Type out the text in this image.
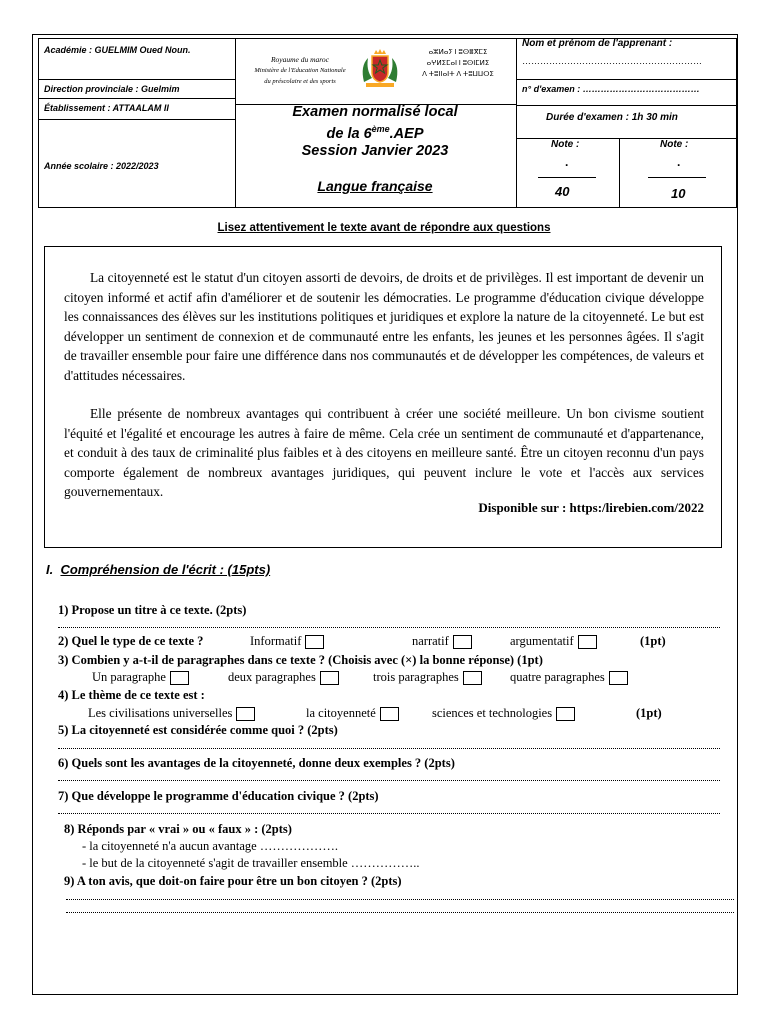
Académie : GUELMIM Oued Noun.
Direction provinciale : Guelmim
Établissement : ATTAALAM II
Année scolaire : 2022/2023
Royaume du maroc
Ministère de l'Education Nationale
du préscolaire et des sports
ⴰⵣⵍⴰⵢ ⵏ ⵓⵙⴻⴳⵎⵉ
ⴰⵖⵍⵉⵎⴰⵏ ⵏ ⵓⵙⵏⵎⵍⵉ
ⴷ ⵜⵓⵏⵏⴰⵏⵜ ⴷ ⵜⵓⵡⵡⵔⵉ
Examen normalisé local
de la 6ème.AEP
Session Janvier 2023
Langue française
Nom et prénom de l'apprenant :
……………………………………………………
n° d'examen : …………………………………
Durée d'examen : 1h 30 min
Note :
.
40
Note :
.
10
Lisez attentivement le texte avant de répondre aux questions
La citoyenneté est le statut d'un citoyen assorti de devoirs, de droits et de privilèges. Il est important de devenir un citoyen informé et actif afin d'améliorer et de soutenir les démocraties. Le programme d'éducation civique développe les connaissances des élèves sur les institutions politiques et juridiques et explore la nature de la citoyenneté. Le but est développer un sentiment de connexion et de communauté entre les enfants, les jeunes et les personnes âgées. Il s'agit de travailler ensemble pour faire une différence dans nos communautés et de développer les compétences, de valeurs et d'attitudes nécessaires.
Elle présente de nombreux avantages qui contribuent à créer une société meilleure. Un bon civisme soutient l'équité et l'égalité et encourage les autres à faire de même. Cela crée un sentiment de communauté et d'appartenance, et conduit à des taux de criminalité plus faibles et à des citoyens en meilleure santé. Être un citoyen reconnu d'un pays comporte également de nombreux avantages juridiques, qui peuvent inclure le vote et l'accès aux services gouvernementaux.
Disponible sur : https:/lirebien.com/2022
I. Compréhension de l'écrit : (15pts)
1) Propose un titre à ce texte. (2pts)
2) Quel le type de ce texte ?	Informatif	narratif	argumentatif	(1pt)
3) Combien y a-t-il de paragraphes dans ce texte ? (Choisis avec (×) la bonne réponse) (1pt)
Un paragraphe	deux paragraphes	trois paragraphes	quatre paragraphes
4) Le thème de ce texte est :
Les civilisations universelles	la citoyenneté	sciences et technologies	(1pt)
5) La citoyenneté est considérée comme quoi ? (2pts)
6) Quels sont les avantages de la citoyenneté, donne deux exemples ? (2pts)
7) Que développe le programme d'éducation civique ? (2pts)
8) Réponds par « vrai » ou « faux » : (2pts)
- la citoyenneté n'a aucun avantage ……………….
- le but de la citoyenneté s'agit de travailler ensemble ……………..
9) A ton avis, que doit-on faire pour être un bon citoyen ? (2pts)
